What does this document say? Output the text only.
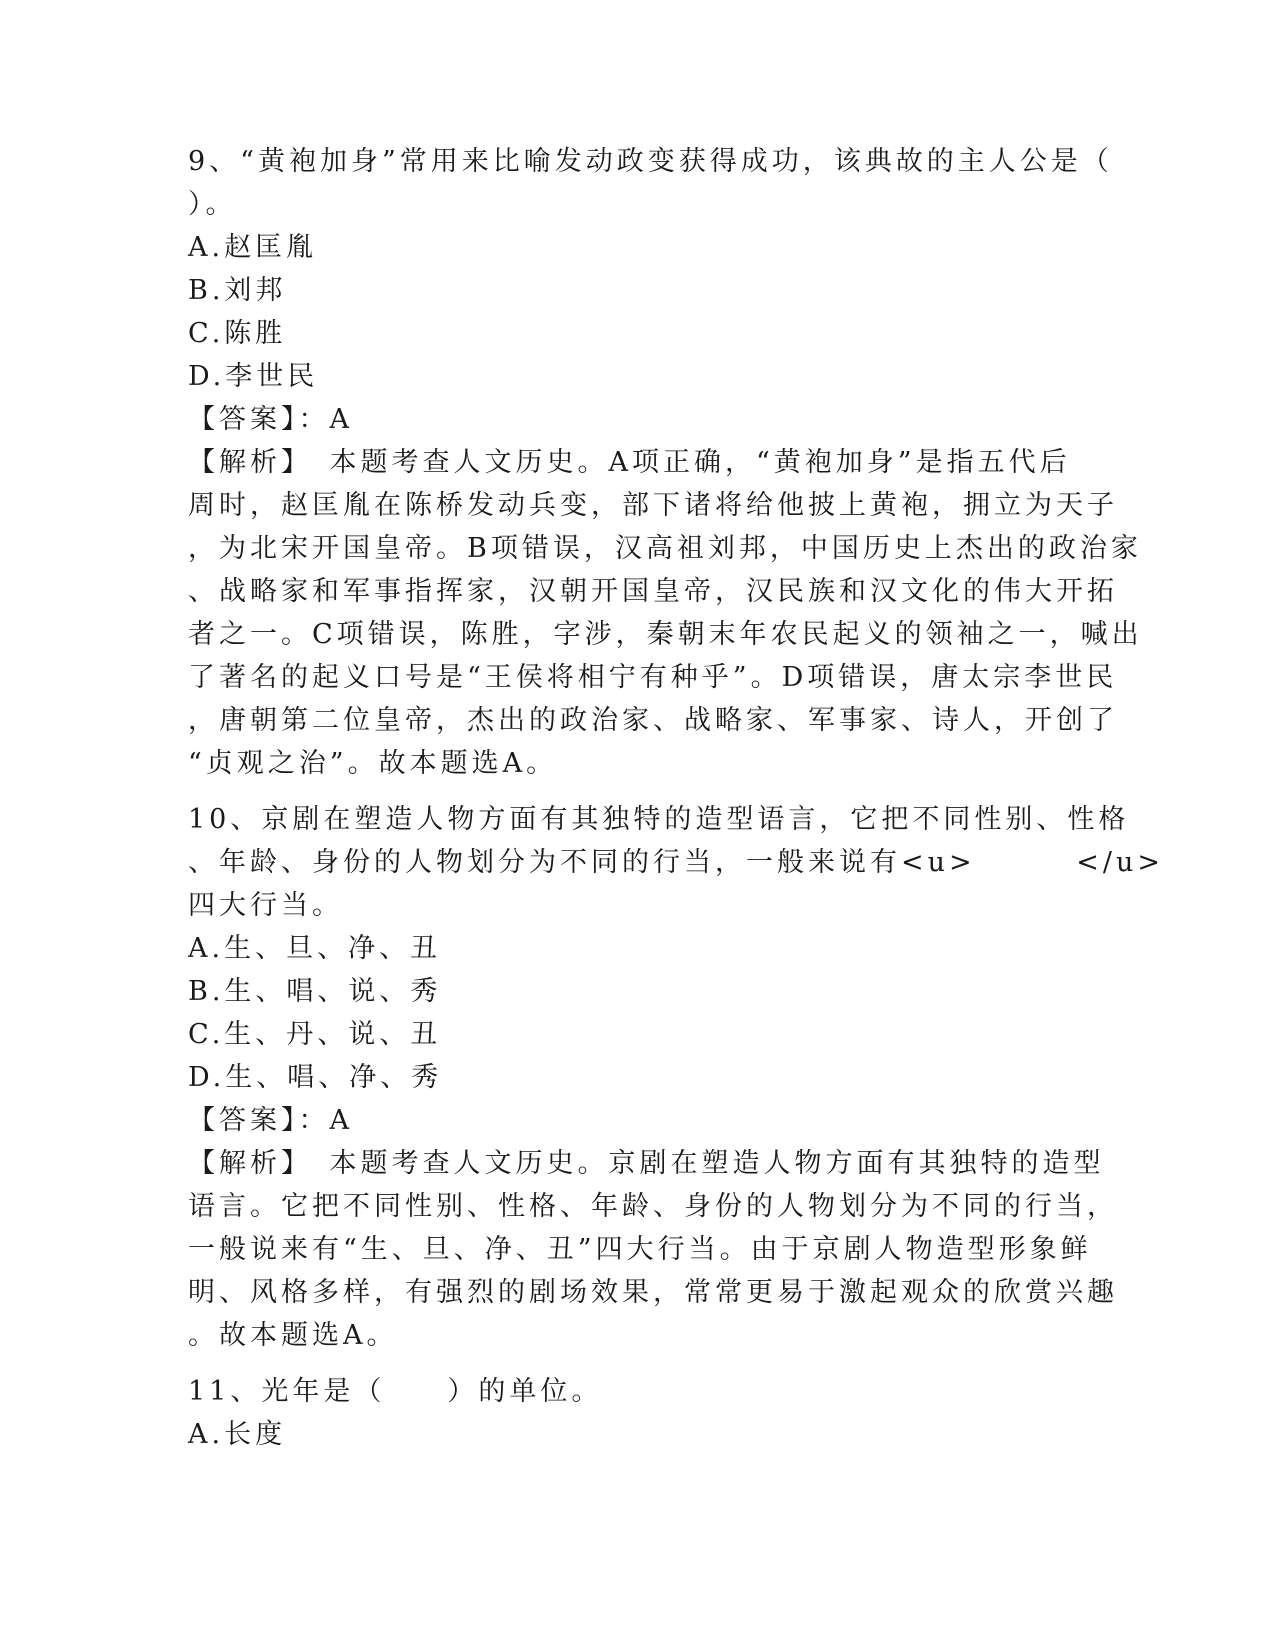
9、“黄袍加身”常用来比喻发动政变获得成功，该典故的主人公是（
）。
A.赵匡胤
B.刘邦
C.陈胜
D.李世民
【答案】：A
【解析】　本题考查人文历史。A项正确，“黄袍加身”是指五代后
周时，赵匡胤在陈桥发动兵变，部下诸将给他披上黄袍，拥立为天子
，为北宋开国皇帝。B项错误，汉高祖刘邦，中国历史上杰出的政治家
、战略家和军事指挥家，汉朝开国皇帝，汉民族和汉文化的伟大开拓
者之一。C项错误，陈胜，字涉，秦朝末年农民起义的领袖之一，喊出
了著名的起义口号是“王侯将相宁有种乎”。D项错误，唐太宗李世民
，唐朝第二位皇帝，杰出的政治家、战略家、军事家、诗人，开创了
“贞观之治”。故本题选A。
10、京剧在塑造人物方面有其独特的造型语言，它把不同性别、性格
、年龄、身份的人物划分为不同的行当，一般来说有<u>        </u>
四大行当。
A.生、旦、净、丑
B.生、唱、说、秀
C.生、丹、说、丑
D.生、唱、净、秀
【答案】：A
【解析】　本题考查人文历史。京剧在塑造人物方面有其独特的造型
语言。它把不同性别、性格、年龄、身份的人物划分为不同的行当，
一般说来有“生、旦、净、丑”四大行当。由于京剧人物造型形象鲜
明、风格多样，有强烈的剧场效果，常常更易于激起观众的欣赏兴趣
。故本题选A。
11、光年是（　　）的单位。
A.长度
